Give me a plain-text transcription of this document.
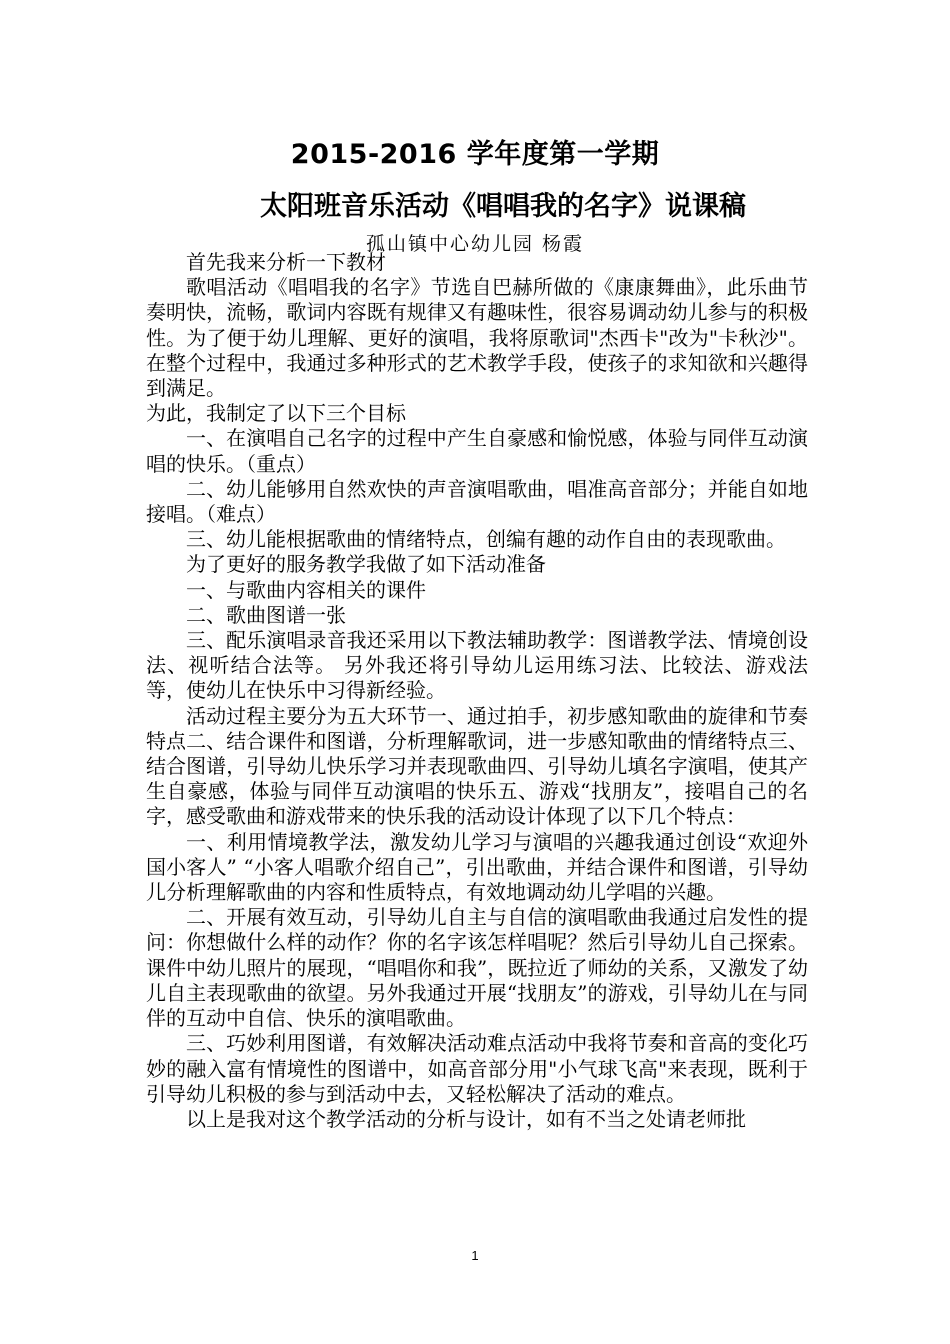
2015-2016 学年度第一学期
太阳班音乐活动《唱唱我的名字》说课稿
孤山镇中心幼儿园 杨霞

首先我来分析一下教材

歌唱活动《唱唱我的名字》节选自巴赫所做的《康康舞曲》，此乐曲节奏明快，流畅，歌词内容既有规律又有趣味性，很容易调动幼儿参与的积极性。为了便于幼儿理解、更好的演唱，我将原歌词"杰西卡"改为"卡秋沙"。在整个过程中，我通过多种形式的艺术教学手段，使孩子的求知欲和兴趣得到满足。

为此，我制定了以下三个目标

一、在演唱自己名字的过程中产生自豪感和愉悦感，体验与同伴互动演唱的快乐。（重点）

二、幼儿能够用自然欢快的声音演唱歌曲，唱准高音部分；并能自如地接唱。（难点）

三、幼儿能根据歌曲的情绪特点，创编有趣的动作自由的表现歌曲。

为了更好的服务教学我做了如下活动准备

一、与歌曲内容相关的课件

二、歌曲图谱一张

三、配乐演唱录音我还采用以下教法辅助教学：图谱教学法、情境创设法、视听结合法等。 另外我还将引导幼儿运用练习法、比较法、游戏法等，使幼儿在快乐中习得新经验。

活动过程主要分为五大环节一、通过拍手，初步感知歌曲的旋律和节奏特点二、结合课件和图谱，分析理解歌词，进一步感知歌曲的情绪特点三、结合图谱，引导幼儿快乐学习并表现歌曲四、引导幼儿填名字演唱，使其产生自豪感，体验与同伴互动演唱的快乐五、游戏“找朋友”，接唱自己的名字，感受歌曲和游戏带来的快乐我的活动设计体现了以下几个特点：

一、利用情境教学法，激发幼儿学习与演唱的兴趣我通过创设“欢迎外国小客人” “小客人唱歌介绍自己”，引出歌曲，并结合课件和图谱，引导幼儿分析理解歌曲的内容和性质特点，有效地调动幼儿学唱的兴趣。

二、开展有效互动，引导幼儿自主与自信的演唱歌曲我通过启发性的提问：你想做什么样的动作？你的名字该怎样唱呢？然后引导幼儿自己探索。课件中幼儿照片的展现，“唱唱你和我”，既拉近了师幼的关系，又激发了幼儿自主表现歌曲的欲望。另外我通过开展“找朋友”的游戏，引导幼儿在与同伴的互动中自信、快乐的演唱歌曲。

三、巧妙利用图谱，有效解决活动难点活动中我将节奏和音高的变化巧妙的融入富有情境性的图谱中，如高音部分用"小气球飞高"来表现，既利于引导幼儿积极的参与到活动中去，又轻松解决了活动的难点。

以上是我对这个教学活动的分析与设计，如有不当之处请老师批

1
